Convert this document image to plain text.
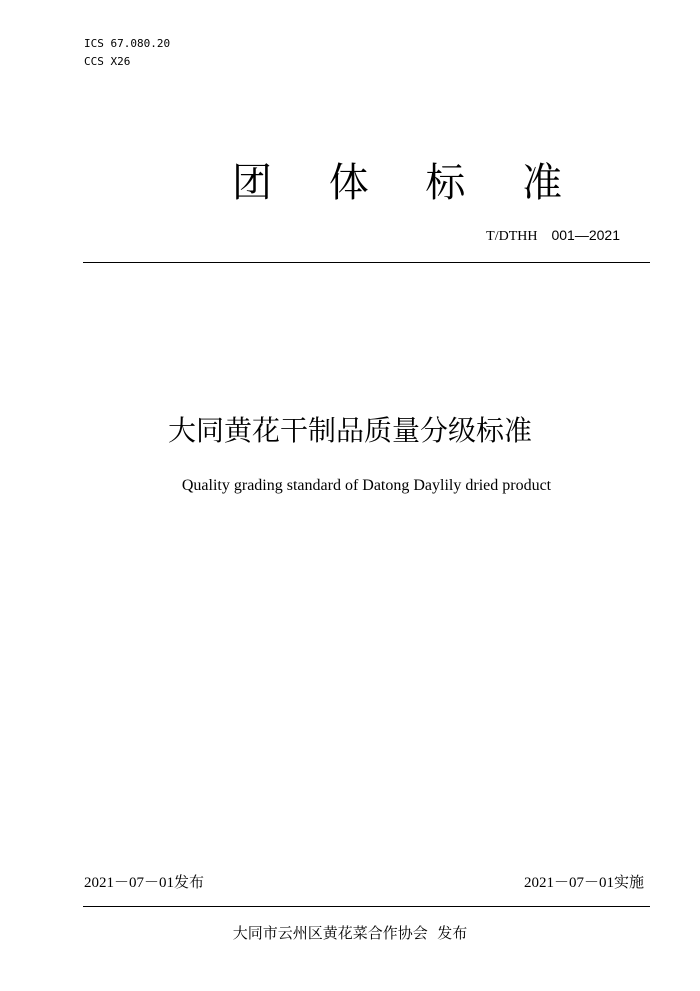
ICS 67.080.20
CCS X26
团 体 标 准
T/DTHH 001—2021
大同黄花干制品质量分级标准
Quality grading standard of Datong Daylily dried product
2021－07－01发布	2021－07－01实施
大同市云州区黄花菜合作协会  发布
